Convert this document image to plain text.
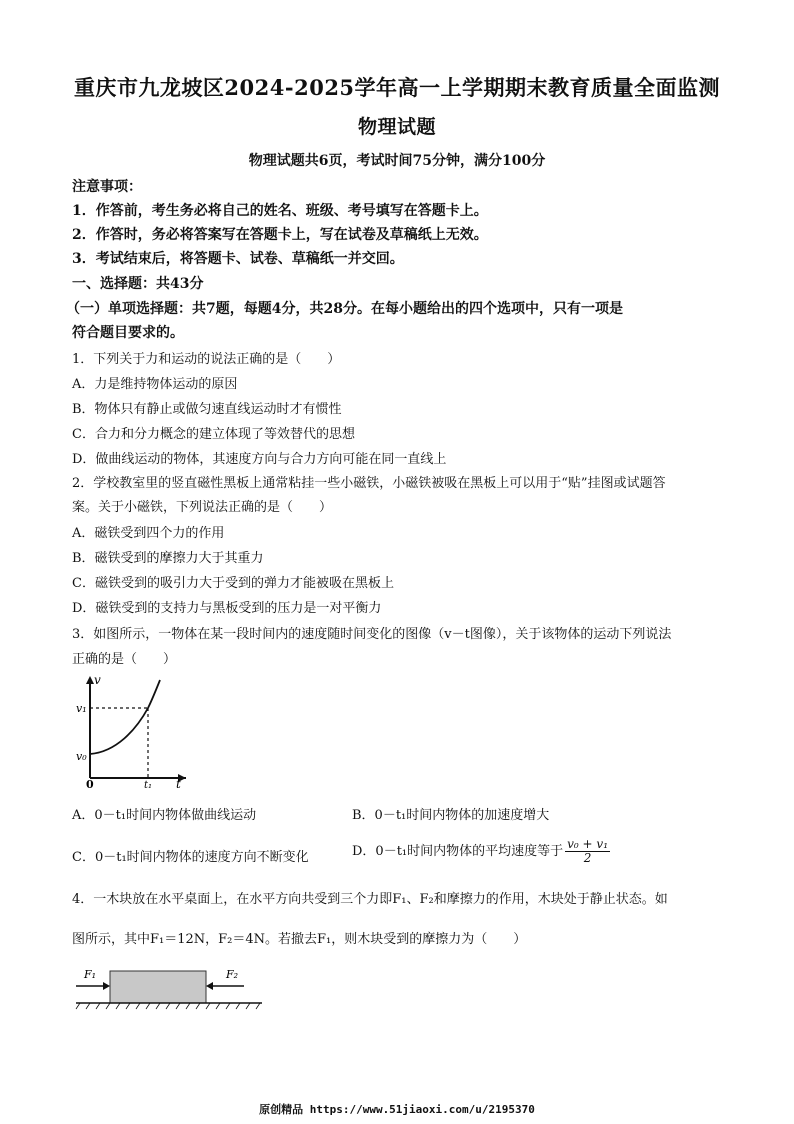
重庆市九龙坡区2024-2025学年高一上学期期末教育质量全面监测
物理试题
物理试题共6页，考试时间75分钟，满分100分
注意事项：
1．作答前，考生务必将自己的姓名、班级、考号填写在答题卡上。
2．作答时，务必将答案写在答题卡上，写在试卷及草稿纸上无效。
3．考试结束后，将答题卡、试卷、草稿纸一并交回。
一、选择题：共43分
（一）单项选择题：共7题，每题4分，共28分。在每小题给出的四个选项中，只有一项是
符合题目要求的。
1．下列关于力和运动的说法正确的是（　　）
A．力是维持物体运动的原因
B．物体只有静止或做匀速直线运动时才有惯性
C．合力和分力概念的建立体现了等效替代的思想
D．做曲线运动的物体，其速度方向与合力方向可能在同一直线上
2．学校教室里的竖直磁性黑板上通常粘挂一些小磁铁，小磁铁被吸在黑板上可以用于“贴”挂图或试题答
案。关于小磁铁，下列说法正确的是（　　）
A．磁铁受到四个力的作用
B．磁铁受到的摩擦力大于其重力
C．磁铁受到的吸引力大于受到的弹力才能被吸在黑板上
D．磁铁受到的支持力与黑板受到的压力是一对平衡力
3．如图所示，一物体在某一段时间内的速度随时间变化的图像（v－t图像），关于该物体的运动下列说法
正确的是（　　）
v
v₁
v₀
0	t₁ t
A．0－t₁时间内物体做曲线运动	B．0－t₁时间内物体的加速度增大
C．0－t₁时间内物体的速度方向不断变化	D．0－t₁时间内物体的平均速度等于 $\frac{\text{v₀ + v₁}}{2}$
4．一木块放在水平桌面上，在水平方向共受到三个力即F₁、F₂和摩擦力的作用，木块处于静止状态。如
图所示，其中F₁＝12N，F₂＝4N。若撤去F₁，则木块受到的摩擦力为（　　）
F₁	F₂
原创精品 https://www.51jiaoxi.com/u/2195370
